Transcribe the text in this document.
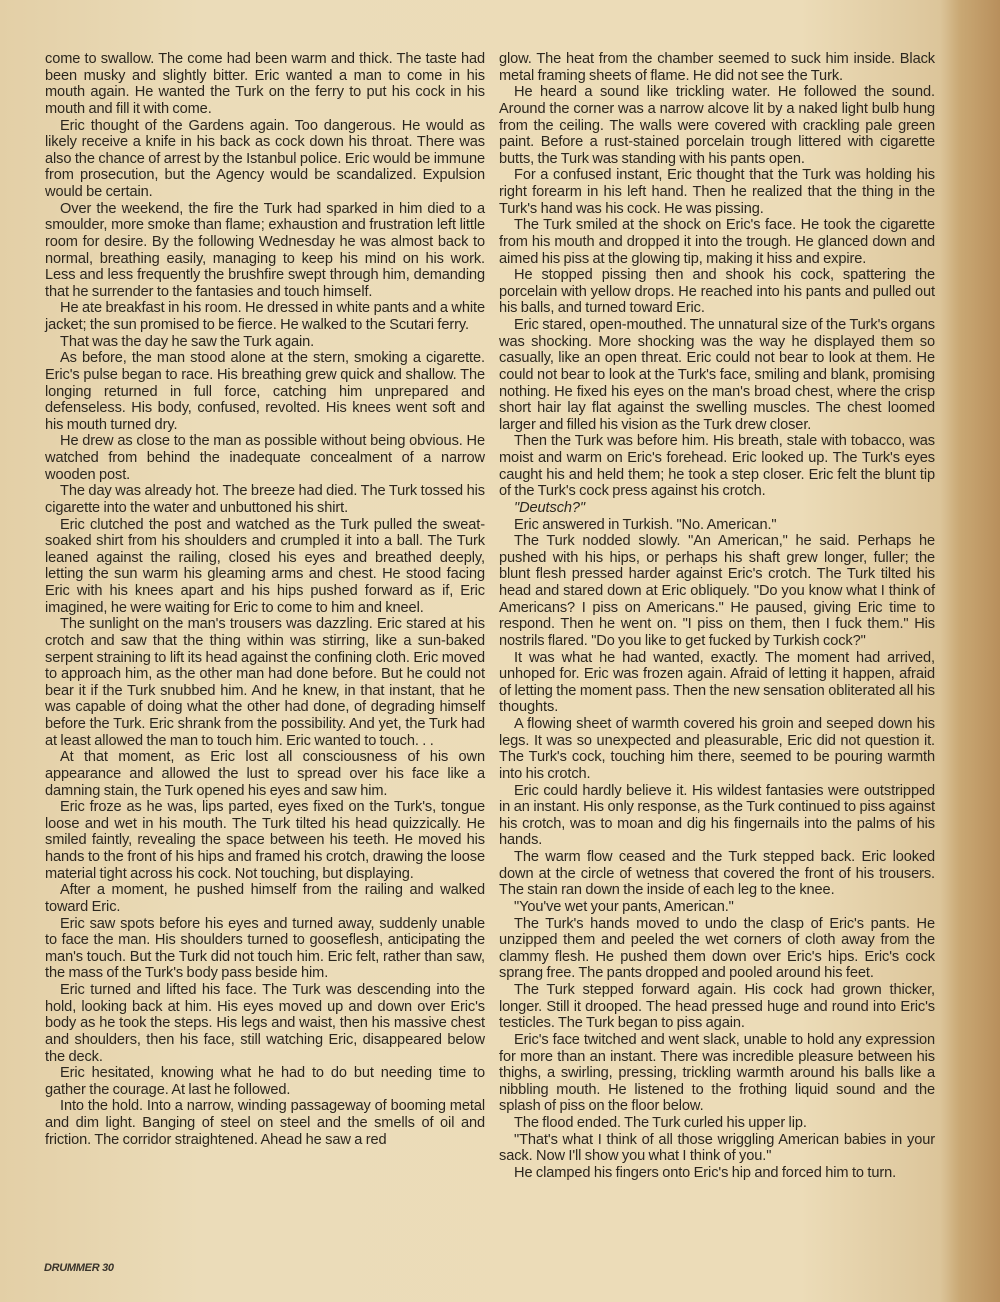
come to swallow. The come had been warm and thick. The taste had been musky and slightly bitter. Eric wanted a man to come in his mouth again. He wanted the Turk on the ferry to put his cock in his mouth and fill it with come.

Eric thought of the Gardens again. Too dangerous. He would as likely receive a knife in his back as cock down his throat. There was also the chance of arrest by the Istanbul police. Eric would be immune from prosecution, but the Agency would be scandalized. Expulsion would be certain.

Over the weekend, the fire the Turk had sparked in him died to a smoulder, more smoke than flame; exhaustion and frustration left little room for desire. By the following Wednesday he was almost back to normal, breathing easily, managing to keep his mind on his work. Less and less frequently the brushfire swept through him, demanding that he surrender to the fantasies and touch himself.

He ate breakfast in his room. He dressed in white pants and a white jacket; the sun promised to be fierce. He walked to the Scutari ferry.

That was the day he saw the Turk again.

As before, the man stood alone at the stern, smoking a cigarette. Eric's pulse began to race. His breathing grew quick and shallow. The longing returned in full force, catching him unprepared and defenseless. His body, confused, revolted. His knees went soft and his mouth turned dry.

He drew as close to the man as possible without being obvious. He watched from behind the inadequate concealment of a narrow wooden post.

The day was already hot. The breeze had died. The Turk tossed his cigarette into the water and unbuttoned his shirt.

Eric clutched the post and watched as the Turk pulled the sweat-soaked shirt from his shoulders and crumpled it into a ball. The Turk leaned against the railing, closed his eyes and breathed deeply, letting the sun warm his gleaming arms and chest. He stood facing Eric with his knees apart and his hips pushed forward as if, Eric imagined, he were waiting for Eric to come to him and kneel.

The sunlight on the man's trousers was dazzling. Eric stared at his crotch and saw that the thing within was stirring, like a sun-baked serpent straining to lift its head against the confining cloth. Eric moved to approach him, as the other man had done before. But he could not bear it if the Turk snubbed him. And he knew, in that instant, that he was capable of doing what the other had done, of degrading himself before the Turk. Eric shrank from the possibility. And yet, the Turk had at least allowed the man to touch him. Eric wanted to touch. . .

At that moment, as Eric lost all consciousness of his own appearance and allowed the lust to spread over his face like a damning stain, the Turk opened his eyes and saw him.

Eric froze as he was, lips parted, eyes fixed on the Turk's, tongue loose and wet in his mouth. The Turk tilted his head quizzically. He smiled faintly, revealing the space between his teeth. He moved his hands to the front of his hips and framed his crotch, drawing the loose material tight across his cock. Not touching, but displaying.

After a moment, he pushed himself from the railing and walked toward Eric.

Eric saw spots before his eyes and turned away, suddenly unable to face the man. His shoulders turned to gooseflesh, anticipating the man's touch. But the Turk did not touch him. Eric felt, rather than saw, the mass of the Turk's body pass beside him.

Eric turned and lifted his face. The Turk was descending into the hold, looking back at him. His eyes moved up and down over Eric's body as he took the steps. His legs and waist, then his massive chest and shoulders, then his face, still watching Eric, disappeared below the deck.

Eric hesitated, knowing what he had to do but needing time to gather the courage. At last he followed.

Into the hold. Into a narrow, winding passageway of booming metal and dim light. Banging of steel on steel and the smells of oil and friction. The corridor straightened. Ahead he saw a red

glow. The heat from the chamber seemed to suck him inside. Black metal framing sheets of flame. He did not see the Turk.

He heard a sound like trickling water. He followed the sound. Around the corner was a narrow alcove lit by a naked light bulb hung from the ceiling. The walls were covered with crackling pale green paint. Before a rust-stained porcelain trough littered with cigarette butts, the Turk was standing with his pants open.

For a confused instant, Eric thought that the Turk was holding his right forearm in his left hand. Then he realized that the thing in the Turk's hand was his cock. He was pissing.

The Turk smiled at the shock on Eric's face. He took the cigarette from his mouth and dropped it into the trough. He glanced down and aimed his piss at the glowing tip, making it hiss and expire.

He stopped pissing then and shook his cock, spattering the porcelain with yellow drops. He reached into his pants and pulled out his balls, and turned toward Eric.

Eric stared, open-mouthed. The unnatural size of the Turk's organs was shocking. More shocking was the way he displayed them so casually, like an open threat. Eric could not bear to look at them. He could not bear to look at the Turk's face, smiling and blank, promising nothing. He fixed his eyes on the man's broad chest, where the crisp short hair lay flat against the swelling muscles. The chest loomed larger and filled his vision as the Turk drew closer.

Then the Turk was before him. His breath, stale with tobacco, was moist and warm on Eric's forehead. Eric looked up. The Turk's eyes caught his and held them; he took a step closer. Eric felt the blunt tip of the Turk's cock press against his crotch.

"Deutsch?"

Eric answered in Turkish. "No. American."

The Turk nodded slowly. "An American," he said. Perhaps he pushed with his hips, or perhaps his shaft grew longer, fuller; the blunt flesh pressed harder against Eric's crotch. The Turk tilted his head and stared down at Eric obliquely. "Do you know what I think of Americans? I piss on Americans." He paused, giving Eric time to respond. Then he went on. "I piss on them, then I fuck them." His nostrils flared. "Do you like to get fucked by Turkish cock?"

It was what he had wanted, exactly. The moment had arrived, unhoped for. Eric was frozen again. Afraid of letting it happen, afraid of letting the moment pass. Then the new sensation obliterated all his thoughts.

A flowing sheet of warmth covered his groin and seeped down his legs. It was so unexpected and pleasurable, Eric did not question it. The Turk's cock, touching him there, seemed to be pouring warmth into his crotch.

Eric could hardly believe it. His wildest fantasies were outstripped in an instant. His only response, as the Turk continued to piss against his crotch, was to moan and dig his fingernails into the palms of his hands.

The warm flow ceased and the Turk stepped back. Eric looked down at the circle of wetness that covered the front of his trousers. The stain ran down the inside of each leg to the knee.

"You've wet your pants, American."

The Turk's hands moved to undo the clasp of Eric's pants. He unzipped them and peeled the wet corners of cloth away from the clammy flesh. He pushed them down over Eric's hips. Eric's cock sprang free. The pants dropped and pooled around his feet.

The Turk stepped forward again. His cock had grown thicker, longer. Still it drooped. The head pressed huge and round into Eric's testicles. The Turk began to piss again.

Eric's face twitched and went slack, unable to hold any expression for more than an instant. There was incredible pleasure between his thighs, a swirling, pressing, trickling warmth around his balls like a nibbling mouth. He listened to the frothing liquid sound and the splash of piss on the floor below.

The flood ended. The Turk curled his upper lip.

"That's what I think of all those wriggling American babies in your sack. Now I'll show you what I think of you."

He clamped his fingers onto Eric's hip and forced him to turn.

DRUMMER 30
